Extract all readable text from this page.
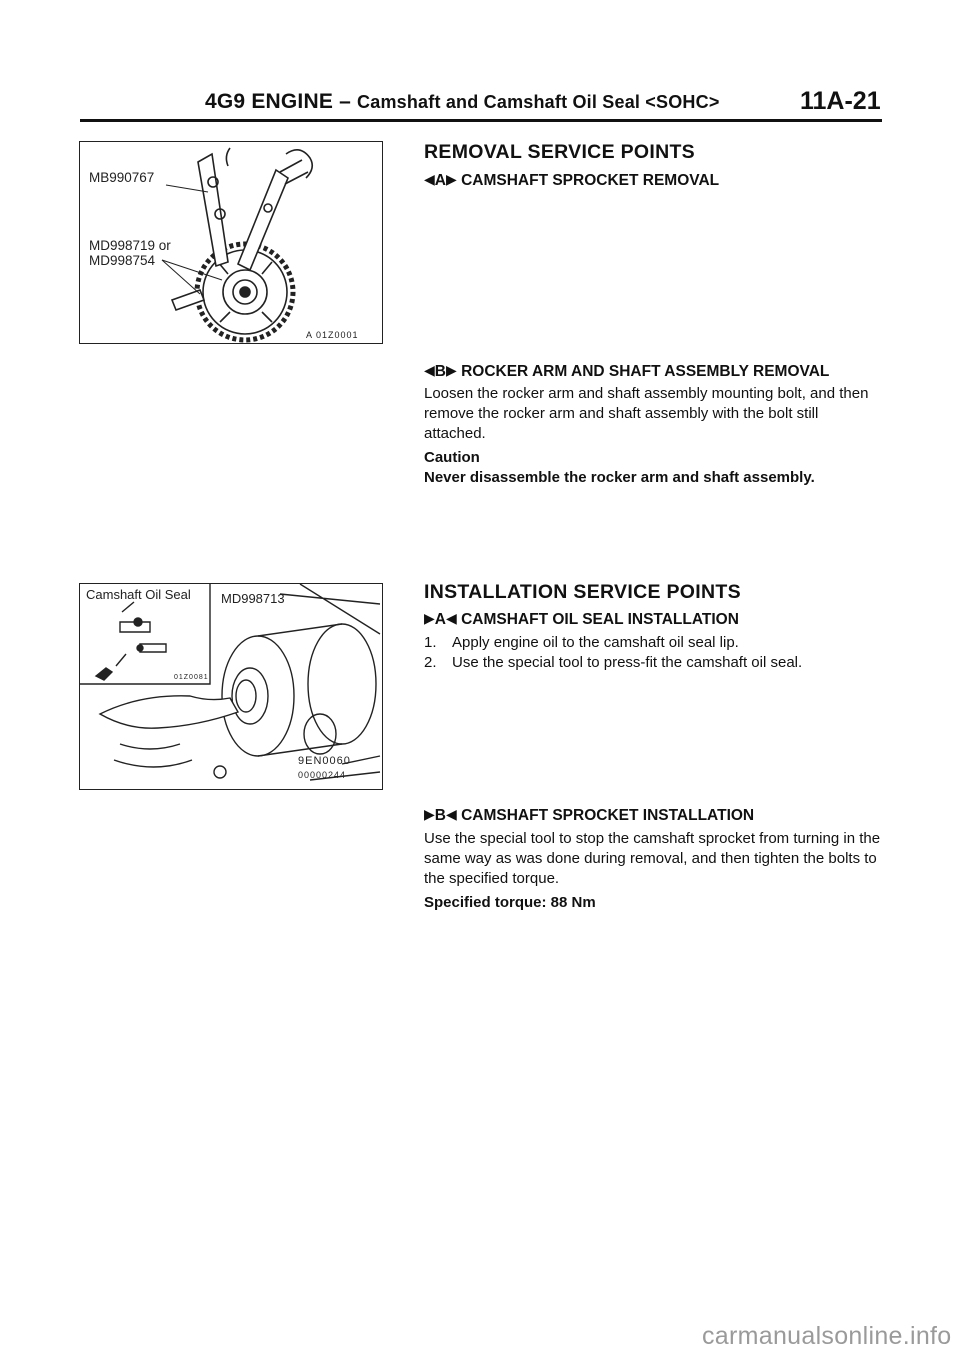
4G9 ENGINE – Camshaft and Camshaft Oil Seal <SOHC>	11A-21
MB990767
MD998719 or
MD998754
A 01Z0001
Camshaft Oil Seal MD998713
01Z0081
9EN0060
00000244
REMOVAL SERVICE POINTS
◀A▶ CAMSHAFT SPROCKET REMOVAL
◀B▶ ROCKER ARM AND SHAFT ASSEMBLY REMOVAL
Loosen the rocker arm and shaft assembly mounting bolt, and then remove the rocker arm and shaft assembly with the bolt still attached.
Caution
Never disassemble the rocker arm and shaft assembly.
INSTALLATION SERVICE POINTS
▶A◀ CAMSHAFT OIL SEAL INSTALLATION
1. Apply engine oil to the camshaft oil seal lip.
2. Use the special tool to press-fit the camshaft oil seal.
▶B◀ CAMSHAFT SPROCKET INSTALLATION
Use the special tool to stop the camshaft sprocket from turning in the same way as was done during removal, and then tighten the bolts to the specified torque.
Specified torque: 88 Nm
carmanualsonline.info
